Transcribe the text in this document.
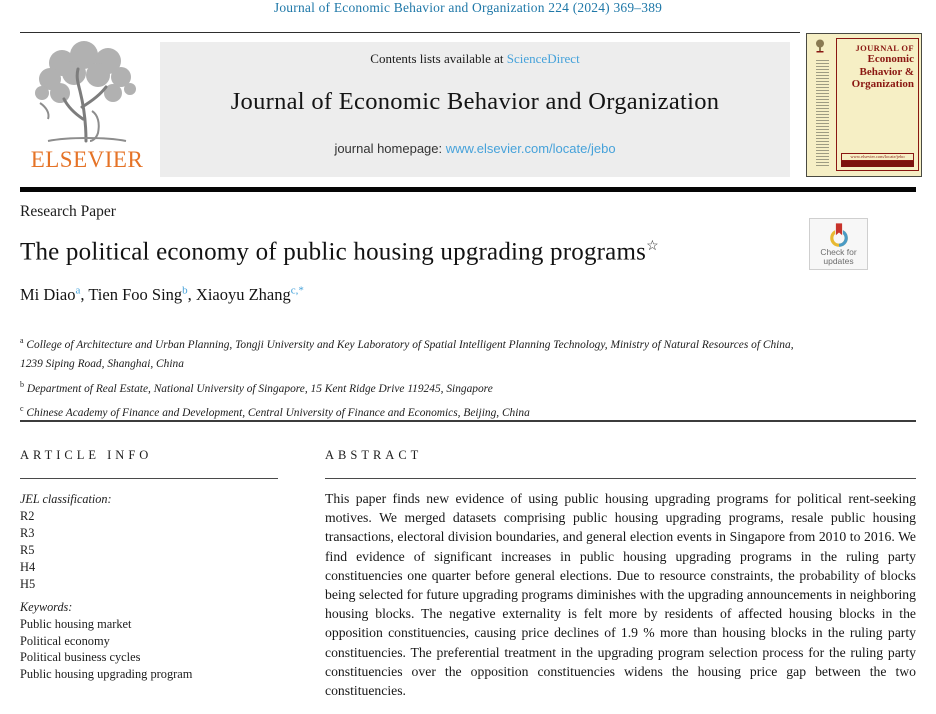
Journal of Economic Behavior and Organization 224 (2024) 369–389
ELSEVIER
Contents lists available at ScienceDirect
Journal of Economic Behavior and Organization
journal homepage: www.elsevier.com/locate/jebo
JOURNAL OF
Economic
Behavior &
Organization
www.elsevier.com/locate/jebo
Research Paper
The political economy of public housing upgrading programs☆	Check for
updates
Mi Diao$^a$, Tien Foo Sing$^b$, Xiaoyu Zhang$^{c,*}$
$^a$ College of Architecture and Urban Planning, Tongji University and Key Laboratory of Spatial Intelligent Planning Technology, Ministry of Natural Resources of China, 1239 Siping Road, Shanghai, China
$^b$ Department of Real Estate, National University of Singapore, 15 Kent Ridge Drive 119245, Singapore
$^c$ Chinese Academy of Finance and Development, Central University of Finance and Economics, Beijing, China
ARTICLE INFO
JEL classification:
R2
R3
R5
H4
H5
Keywords:
Public housing market
Political economy
Political business cycles
Public housing upgrading program
ABSTRACT
This paper finds new evidence of using public housing upgrading programs for political rent-seeking motives. We merged datasets comprising public housing upgrading programs, resale public housing transactions, electoral division boundaries, and general election events in Singapore from 2010 to 2016. We find evidence of significant increases in public housing upgrading programs in the ruling party constituencies one quarter before general elections. Due to resource constraints, the probability of blocks being selected for future upgrading programs diminishes with the upgrading announcements in neighboring housing blocks. The negative externality is felt more by residents of affected housing blocks in the opposition constituencies, causing price declines of 1.9 % more than housing blocks in the ruling party constituencies. The preferential treatment in the upgrading program selection process for the ruling party constituencies over the opposition constituencies widens the housing price gap between the two constituencies.
